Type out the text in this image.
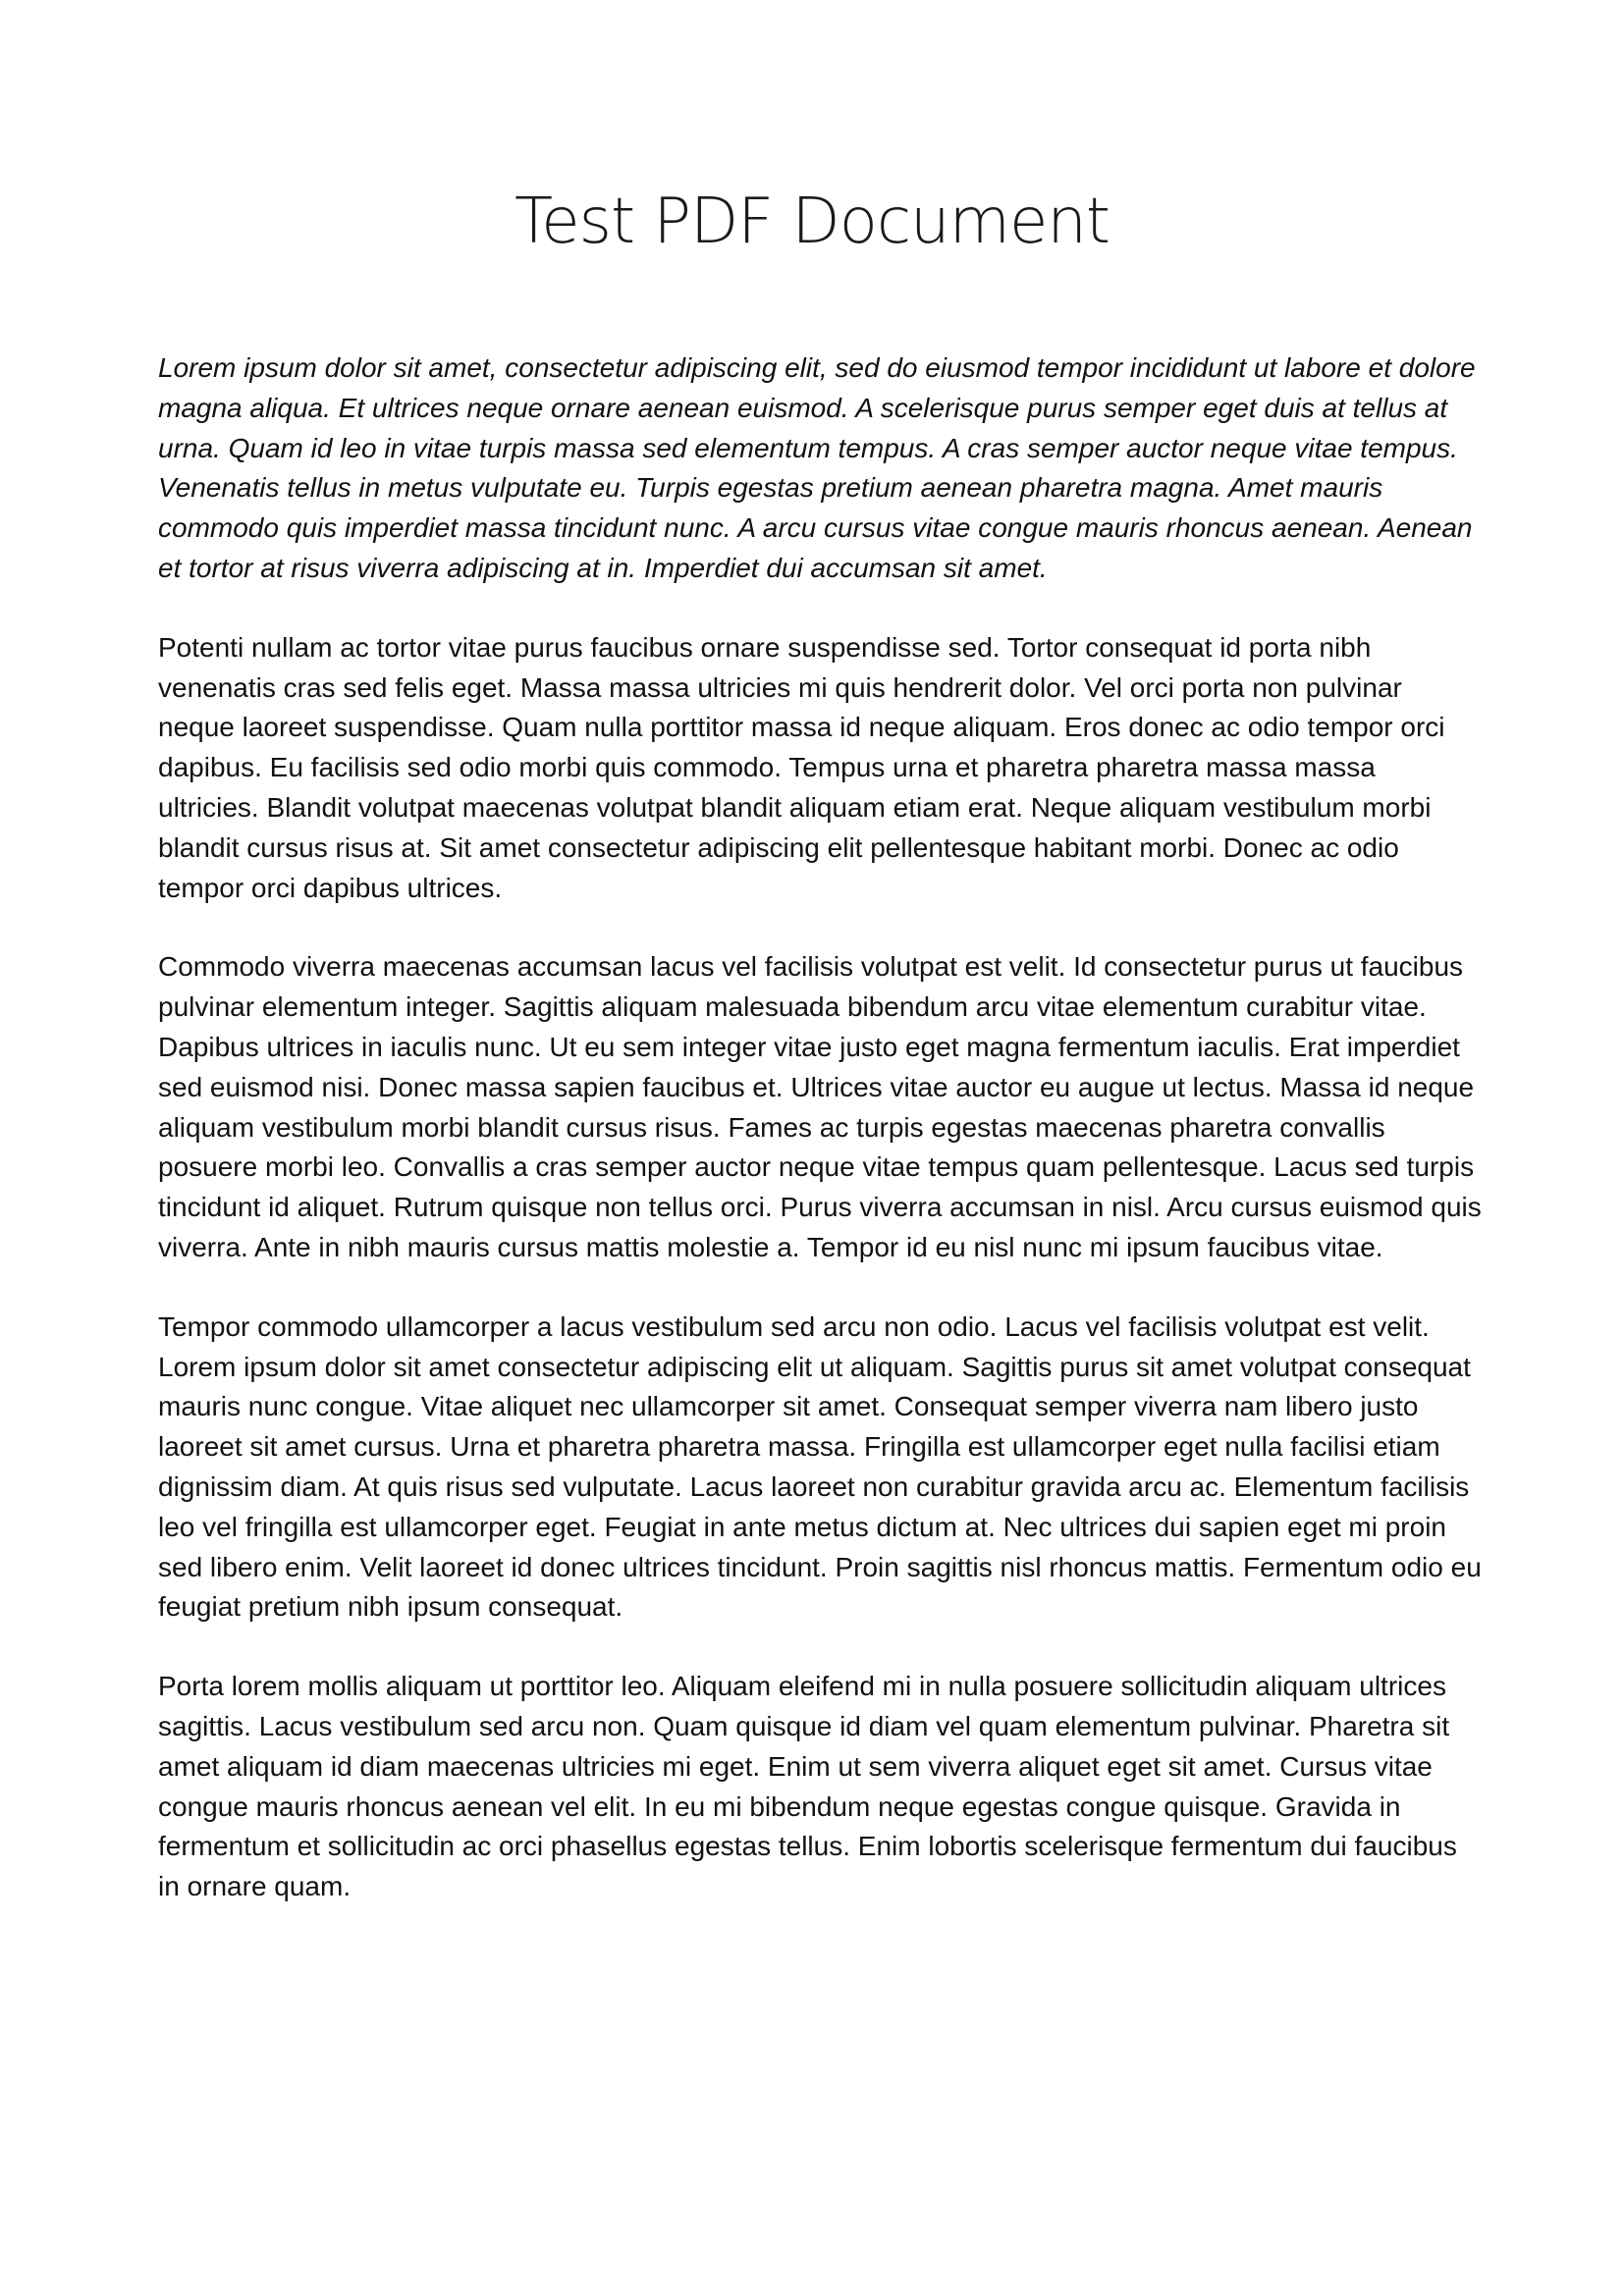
Test PDF Document

Lorem ipsum dolor sit amet, consectetur adipiscing elit, sed do eiusmod tempor incididunt ut labore et dolore magna aliqua. Et ultrices neque ornare aenean euismod. A scelerisque purus semper eget duis at tellus at urna. Quam id leo in vitae turpis massa sed elementum tempus. A cras semper auctor neque vitae tempus. Venenatis tellus in metus vulputate eu. Turpis egestas pretium aenean pharetra magna. Amet mauris commodo quis imperdiet massa tincidunt nunc. A arcu cursus vitae congue mauris rhoncus aenean. Aenean et tortor at risus viverra adipiscing at in. Imperdiet dui accumsan sit amet.

Potenti nullam ac tortor vitae purus faucibus ornare suspendisse sed. Tortor consequat id porta nibh venenatis cras sed felis eget. Massa massa ultricies mi quis hendrerit dolor. Vel orci porta non pulvinar neque laoreet suspendisse. Quam nulla porttitor massa id neque aliquam. Eros donec ac odio tempor orci dapibus. Eu facilisis sed odio morbi quis commodo. Tempus urna et pharetra pharetra massa massa ultricies. Blandit volutpat maecenas volutpat blandit aliquam etiam erat. Neque aliquam vestibulum morbi blandit cursus risus at. Sit amet consectetur adipiscing elit pellentesque habitant morbi. Donec ac odio tempor orci dapibus ultrices.

Commodo viverra maecenas accumsan lacus vel facilisis volutpat est velit. Id consectetur purus ut faucibus pulvinar elementum integer. Sagittis aliquam malesuada bibendum arcu vitae elementum curabitur vitae. Dapibus ultrices in iaculis nunc. Ut eu sem integer vitae justo eget magna fermentum iaculis. Erat imperdiet sed euismod nisi. Donec massa sapien faucibus et. Ultrices vitae auctor eu augue ut lectus. Massa id neque aliquam vestibulum morbi blandit cursus risus. Fames ac turpis egestas maecenas pharetra convallis posuere morbi leo. Convallis a cras semper auctor neque vitae tempus quam pellentesque. Lacus sed turpis tincidunt id aliquet. Rutrum quisque non tellus orci. Purus viverra accumsan in nisl. Arcu cursus euismod quis viverra. Ante in nibh mauris cursus mattis molestie a. Tempor id eu nisl nunc mi ipsum faucibus vitae.

Tempor commodo ullamcorper a lacus vestibulum sed arcu non odio. Lacus vel facilisis volutpat est velit. Lorem ipsum dolor sit amet consectetur adipiscing elit ut aliquam. Sagittis purus sit amet volutpat consequat mauris nunc congue. Vitae aliquet nec ullamcorper sit amet. Consequat semper viverra nam libero justo laoreet sit amet cursus. Urna et pharetra pharetra massa. Fringilla est ullamcorper eget nulla facilisi etiam dignissim diam. At quis risus sed vulputate. Lacus laoreet non curabitur gravida arcu ac. Elementum facilisis leo vel fringilla est ullamcorper eget. Feugiat in ante metus dictum at. Nec ultrices dui sapien eget mi proin sed libero enim. Velit laoreet id donec ultrices tincidunt. Proin sagittis nisl rhoncus mattis. Fermentum odio eu feugiat pretium nibh ipsum consequat.

Porta lorem mollis aliquam ut porttitor leo. Aliquam eleifend mi in nulla posuere sollicitudin aliquam ultrices sagittis. Lacus vestibulum sed arcu non. Quam quisque id diam vel quam elementum pulvinar. Pharetra sit amet aliquam id diam maecenas ultricies mi eget. Enim ut sem viverra aliquet eget sit amet. Cursus vitae congue mauris rhoncus aenean vel elit. In eu mi bibendum neque egestas congue quisque. Gravida in fermentum et sollicitudin ac orci phasellus egestas tellus. Enim lobortis scelerisque fermentum dui faucibus in ornare quam.
